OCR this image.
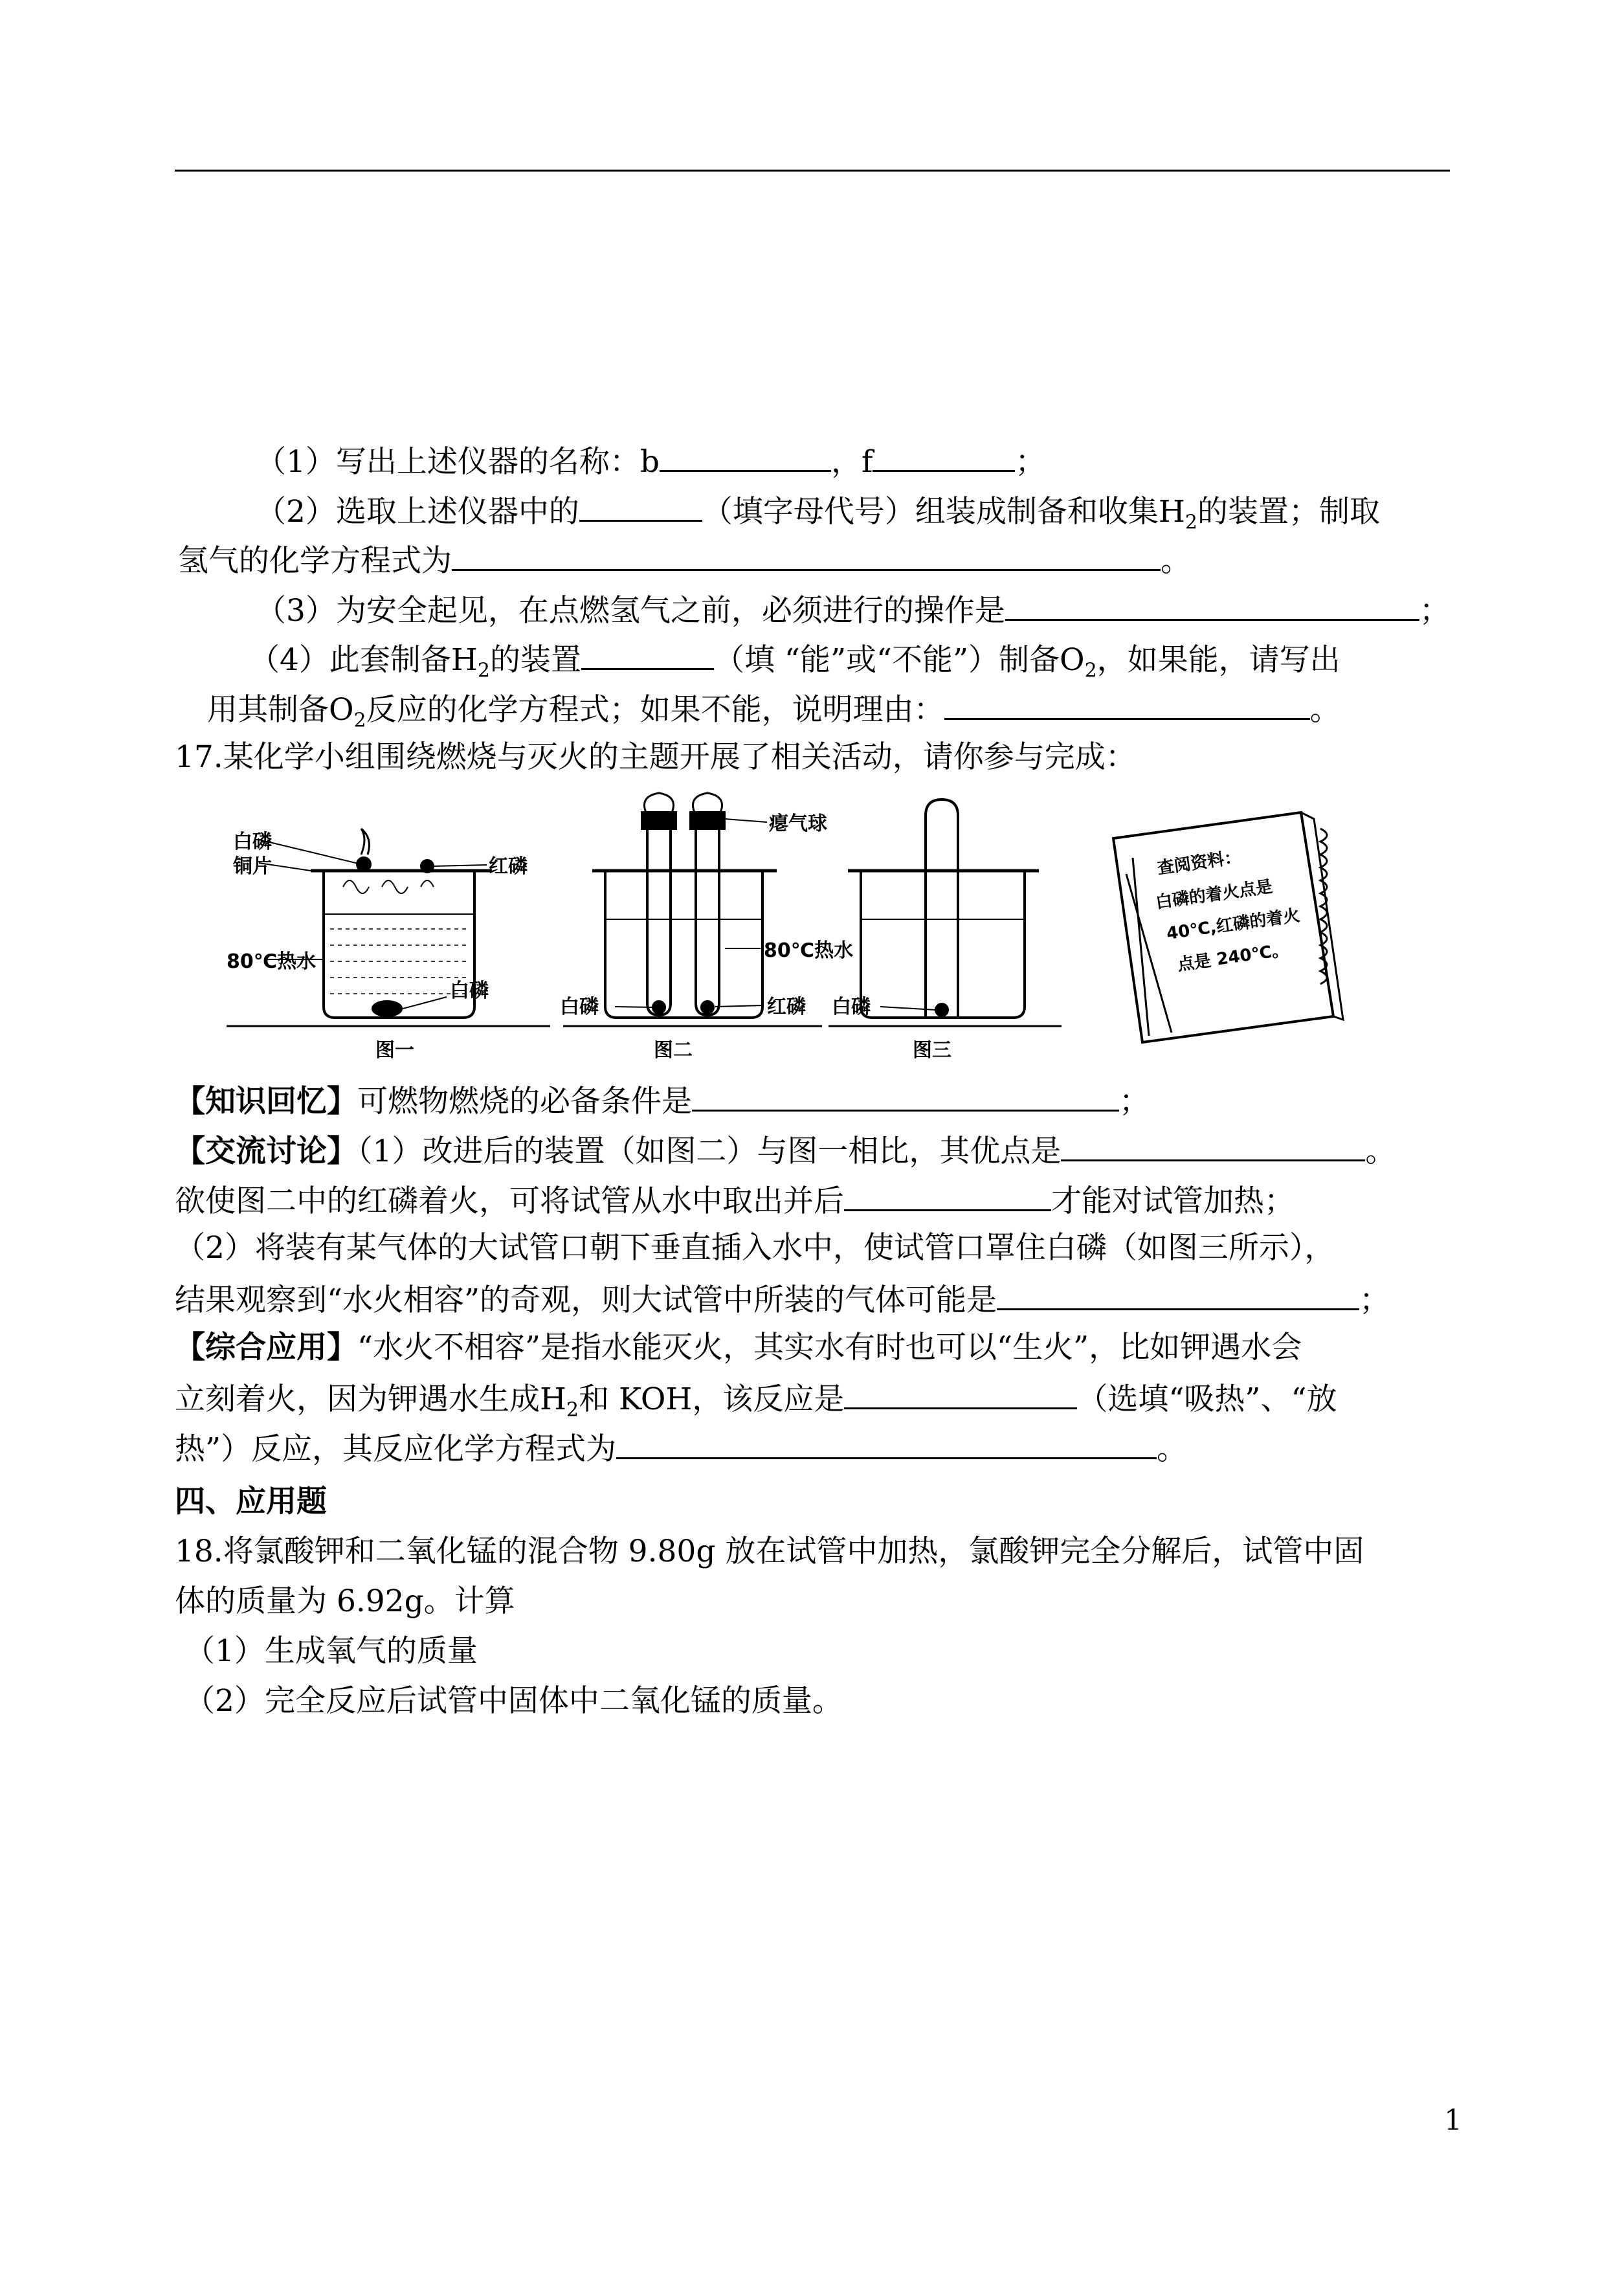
（1）写出上述仪器的名称：b	，f	；
（2）选取上述仪器中的	（填字母代号）组装成制备和收集$H_2$的装置；制取
氢气的化学方程式为	。
（3）为安全起见，在点燃氢气之前，必须进行的操作是	；
（4）此套制备$H_2$的装置	（填 “能”或“不能”）制备$O_2$，如果能，请写出
用其制备$O_2$反应的化学方程式；如果不能，说明理由：	。
17.某化学小组围绕燃烧与灭火的主题开展了相关活动，请你参与完成：
白磷
铜片
80℃热水
红磷
白磷
图一
瘪气球
80℃热水
白磷	红磷
图二
白磷
图三
查阅资料：
白磷的着火点是
40℃,红磷的着火
点是 240℃。
【知识回忆】可燃物燃烧的必备条件是	；
【交流讨论】（1）改进后的装置（如图二）与图一相比，其优点是	。
欲使图二中的红磷着火，可将试管从水中取出并后	才能对试管加热；
（2）将装有某气体的大试管口朝下垂直插入水中，使试管口罩住白磷（如图三所示），
结果观察到“水火相容”的奇观，则大试管中所装的气体可能是	；
【综合应用】“水火不相容”是指水能灭火，其实水有时也可以“生火”，比如钾遇水会
立刻着火，因为钾遇水生成$H_2$和 KOH，该反应是	（选填“吸热”、“放
热”）反应，其反应化学方程式为	。
四、应用题
18.将氯酸钾和二氧化锰的混合物 9.80g 放在试管中加热，氯酸钾完全分解后，试管中固
体的质量为 6.92g。计算
（1）生成氧气的质量
（2）完全反应后试管中固体中二氧化锰的质量。
1
